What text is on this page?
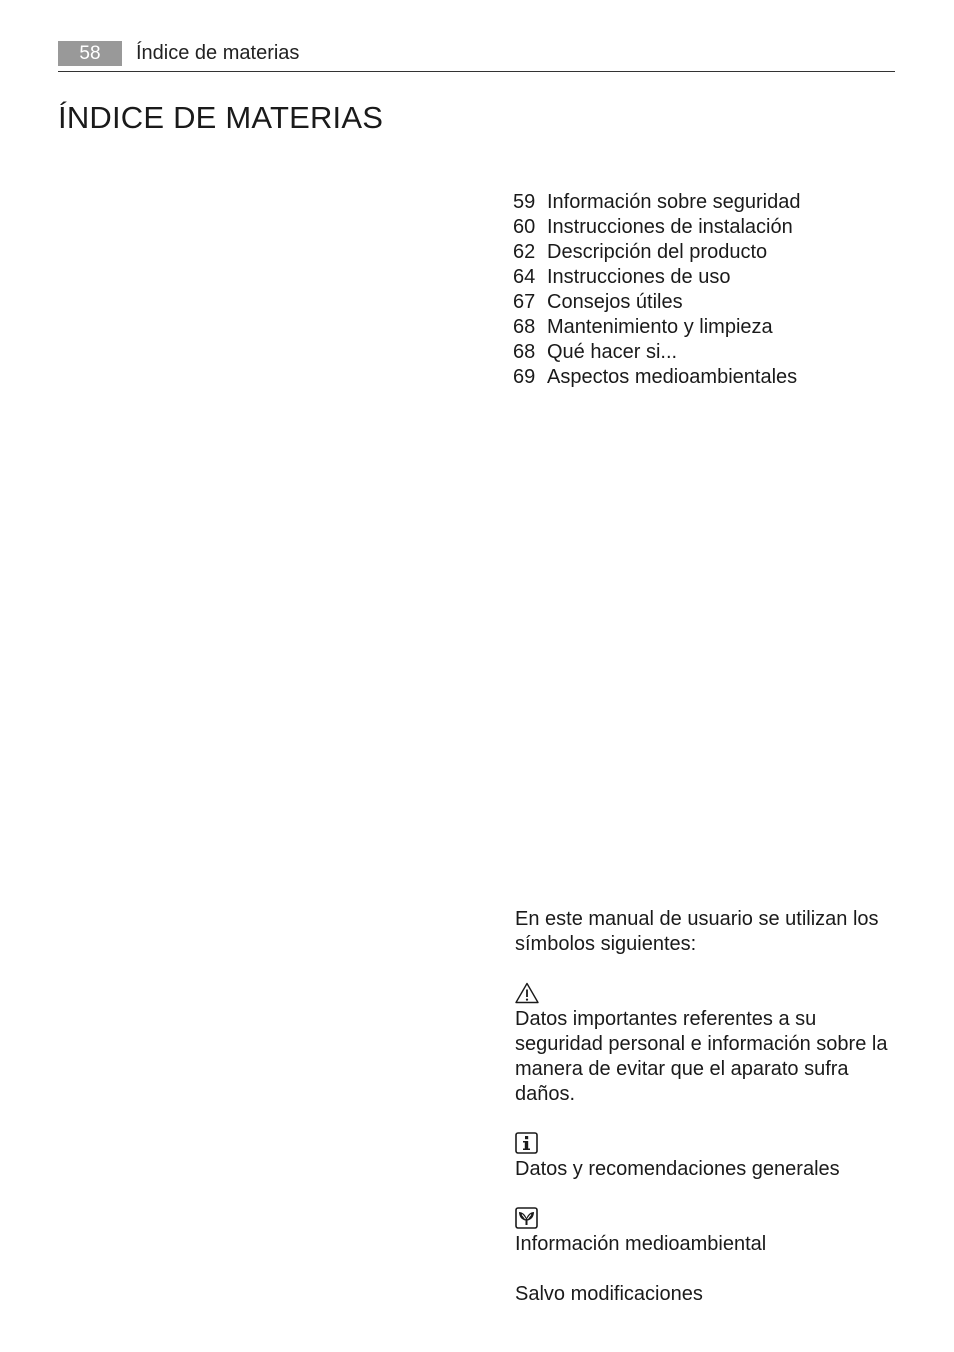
58	Índice de materias
ÍNDICE DE MATERIAS
59 Información sobre seguridad
60 Instrucciones de instalación
62 Descripción del producto
64 Instrucciones de uso
67 Consejos útiles
68 Mantenimiento y limpieza
68 Qué hacer si...
69 Aspectos medioambientales

En este manual de usuario se utilizan los símbolos siguientes:

Datos importantes referentes a su seguridad personal e información sobre la manera de evitar que el aparato sufra daños.

Datos y recomendaciones generales

Información medioambiental

Salvo modificaciones
